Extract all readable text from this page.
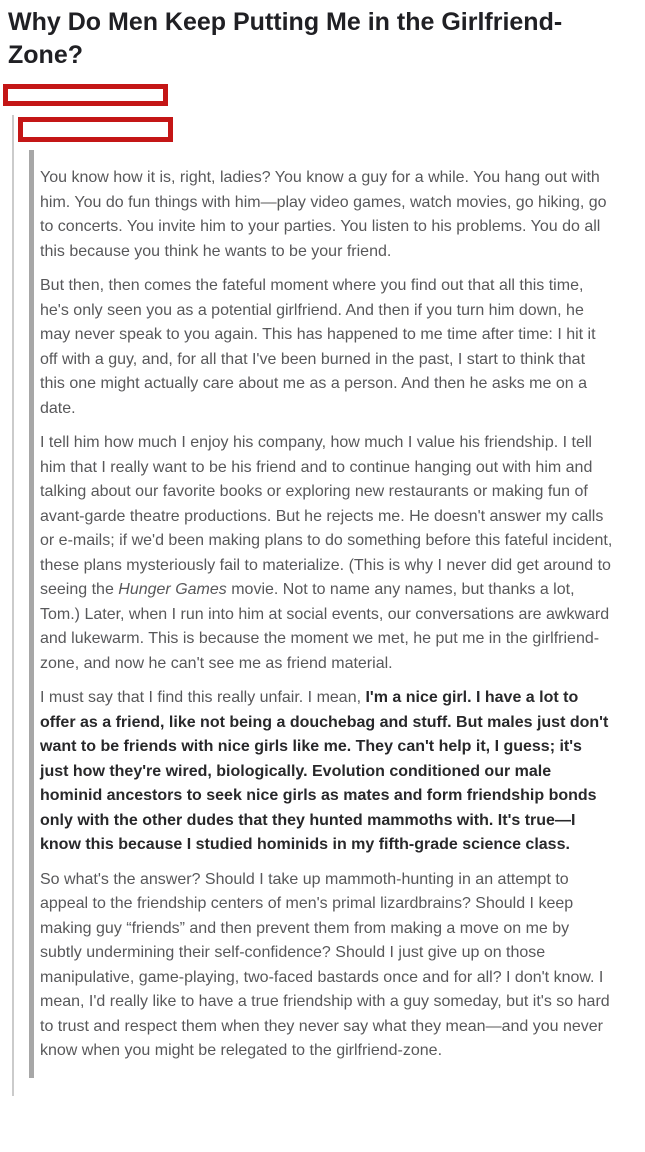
Why Do Men Keep Putting Me in the Girlfriend-Zone?

You know how it is, right, ladies? You know a guy for a while. You hang out with him. You do fun things with him—play video games, watch movies, go hiking, go to concerts. You invite him to your parties. You listen to his problems. You do all this because you think he wants to be your friend.

But then, then comes the fateful moment where you find out that all this time, he's only seen you as a potential girlfriend. And then if you turn him down, he may never speak to you again. This has happened to me time after time: I hit it off with a guy, and, for all that I've been burned in the past, I start to think that this one might actually care about me as a person. And then he asks me on a date.

I tell him how much I enjoy his company, how much I value his friendship. I tell him that I really want to be his friend and to continue hanging out with him and talking about our favorite books or exploring new restaurants or making fun of avant-garde theatre productions. But he rejects me. He doesn't answer my calls or e-mails; if we'd been making plans to do something before this fateful incident, these plans mysteriously fail to materialize. (This is why I never did get around to seeing the Hunger Games movie. Not to name any names, but thanks a lot, Tom.) Later, when I run into him at social events, our conversations are awkward and lukewarm. This is because the moment we met, he put me in the girlfriend-zone, and now he can't see me as friend material.

I must say that I find this really unfair. I mean, I'm a nice girl. I have a lot to offer as a friend, like not being a douchebag and stuff. But males just don't want to be friends with nice girls like me. They can't help it, I guess; it's just how they're wired, biologically. Evolution conditioned our male hominid ancestors to seek nice girls as mates and form friendship bonds only with the other dudes that they hunted mammoths with. It's true—I know this because I studied hominids in my fifth-grade science class.

So what's the answer? Should I take up mammoth-hunting in an attempt to appeal to the friendship centers of men's primal lizardbrains? Should I keep making guy “friends” and then prevent them from making a move on me by subtly undermining their self-confidence? Should I just give up on those manipulative, game-playing, two-faced bastards once and for all? I don't know. I mean, I'd really like to have a true friendship with a guy someday, but it's so hard to trust and respect them when they never say what they mean—and you never know when you might be relegated to the girlfriend-zone.
